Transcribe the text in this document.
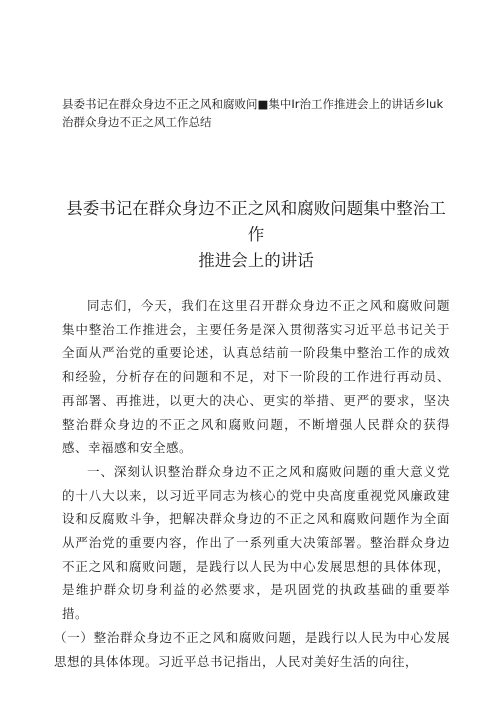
县委书记在群众身边不正之风和腐败问■集中Ir治工作推进会上的讲话乡luk治群众身边不正之风工作总结

县委书记在群众身边不正之风和腐败问题集中整治工作
推进会上的讲话

同志们，今天，我们在这里召开群众身边不正之风和腐败问题集中整治工作推进会，主要任务是深入贯彻落实习近平总书记关于全面从严治党的重要论述，认真总结前一阶段集中整治工作的成效和经验，分析存在的问题和不足，对下一阶段的工作进行再动员、再部署、再推进，以更大的决心、更实的举措、更严的要求，坚决整治群众身边的不正之风和腐败问题，不断增强人民群众的获得感、幸福感和安全感。

一、深刻认识整治群众身边不正之风和腐败问题的重大意义党的十八大以来，以习近平同志为核心的党中央高度重视党风廉政建设和反腐败斗争，把解决群众身边的不正之风和腐败问题作为全面从严治党的重要内容，作出了一系列重大决策部署。整治群众身边不正之风和腐败问题，是践行以人民为中心发展思想的具体体现，是维护群众切身利益的必然要求，是巩固党的执政基础的重要举措。

（一）整治群众身边不正之风和腐败问题，是践行以人民为中心发展思想的具体体现。习近平总书记指出，人民对美好生活的向往，
